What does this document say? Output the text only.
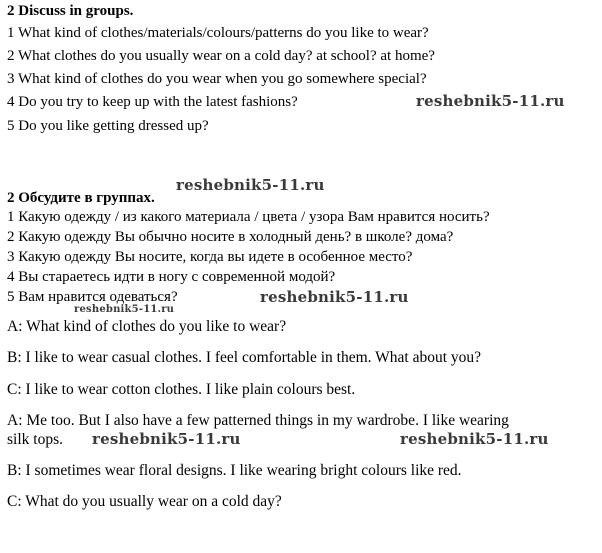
2 Discuss in groups.
1 What kind of clothes/materials/colours/patterns do you like to wear?
2 What clothes do you usually wear on a cold day? at school? at home?
3 What kind of clothes do you wear when you go somewhere special?
4 Do you try to keep up with the latest fashions?
5 Do you like getting dressed up?
2 Обсудите в группах.
1 Какую одежду / из какого материала / цвета / узора Вам нравится носить?
2 Какую одежду Вы обычно носите в холодный день? в школе? дома?
3 Какую одежду Вы носите, когда вы идете в особенное место?
4 Вы стараетесь идти в ногу с современной модой?
5 Вам нравится одеваться?
A: What kind of clothes do you like to wear?
B: I like to wear casual clothes. I feel comfortable in them. What about you?
C: I like to wear cotton clothes. I like plain colours best.
A: Me too. But I also have a few patterned things in my wardrobe. I like wearing
silk tops.
B: I sometimes wear floral designs. I like wearing bright colours like red.
C: What do you usually wear on a cold day?
reshebnik5-11.ru
reshebnik5-11.ru
reshebnik5-11.ru
reshebnik5-11.ru
reshebnik5-11.ru	reshebnik5-11.ru
